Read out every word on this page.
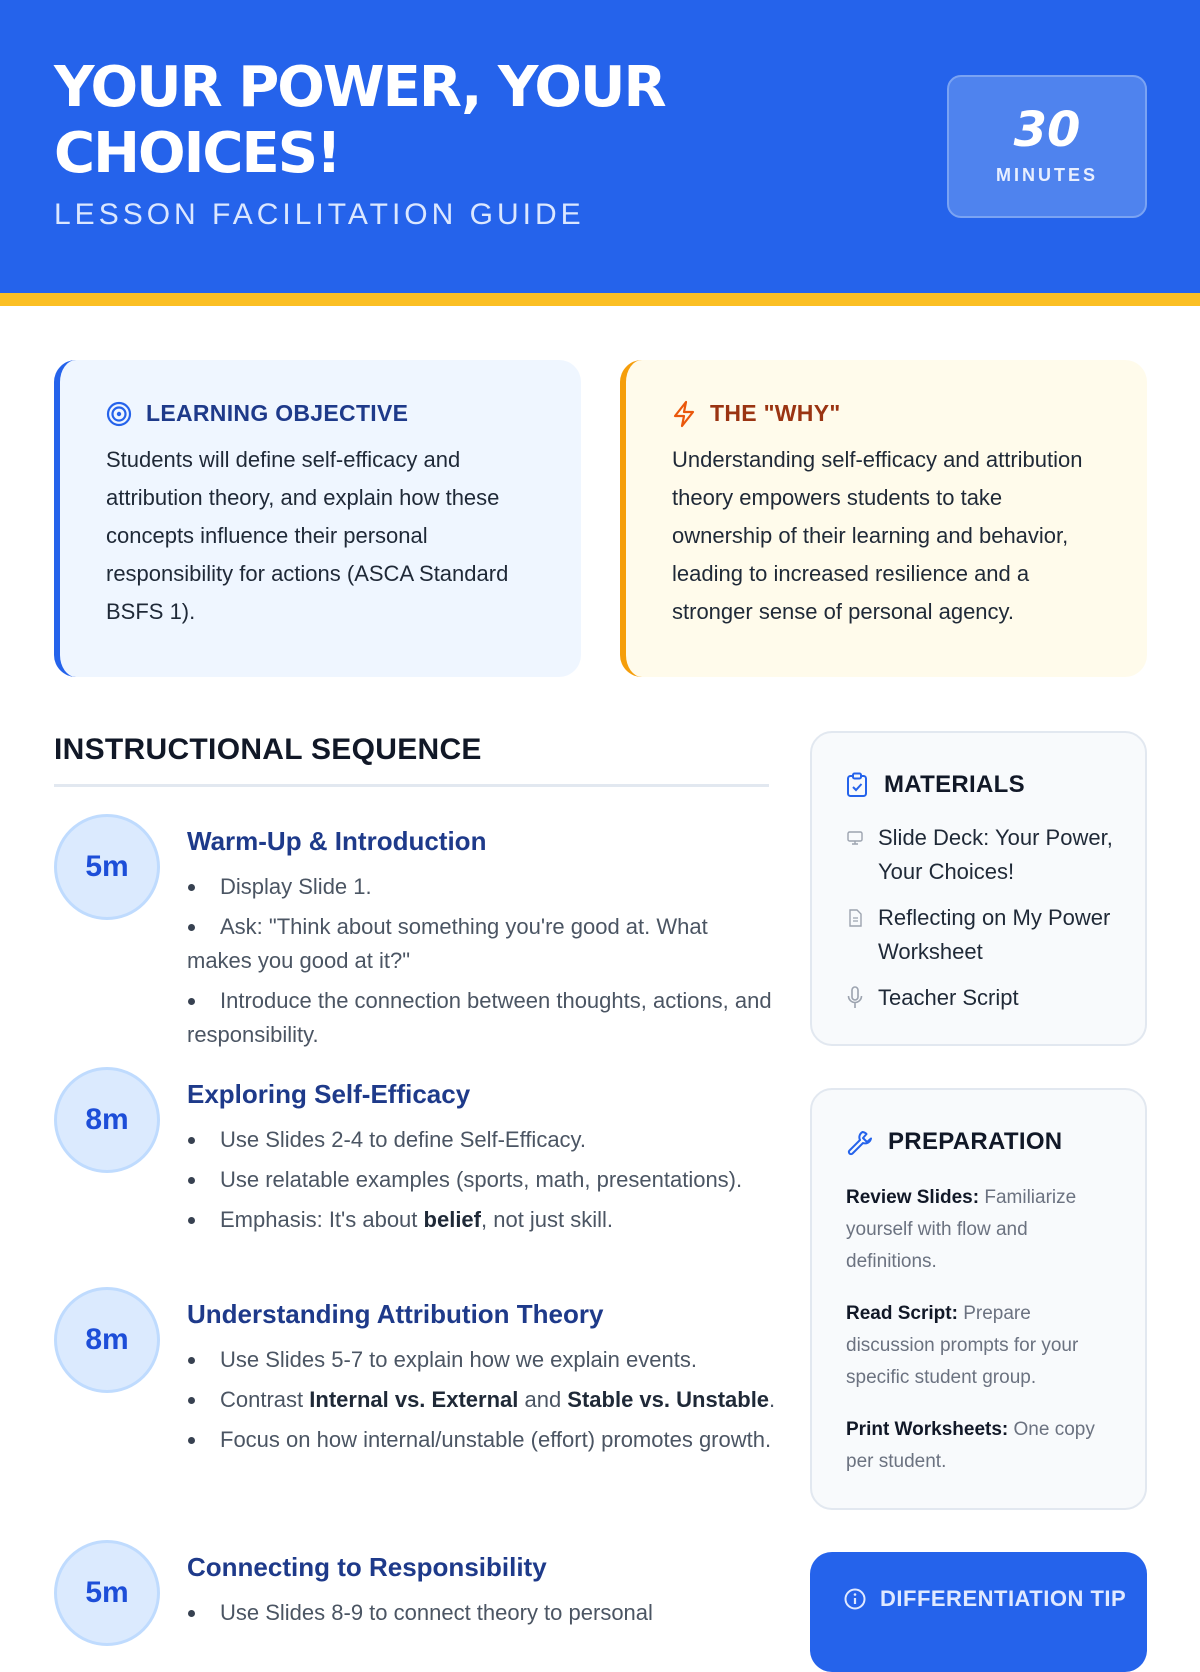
YOUR POWER, YOUR CHOICES!
LESSON FACILITATION GUIDE
30
MINUTES
LEARNING OBJECTIVE

Students will define self-efficacy and attribution theory, and explain how these concepts influence their personal responsibility for actions (ASCA Standard BSFS 1).

THE "WHY"

Understanding self-efficacy and attribution theory empowers students to take ownership of their learning and behavior, leading to increased resilience and a stronger sense of personal agency.

INSTRUCTIONAL SEQUENCE
5m
Warm-Up & Introduction
Display Slide 1.
Ask: "Think about something you're good at. What makes you good at it?"
Introduce the connection between thoughts, actions, and responsibility.
8m
Exploring Self-Efficacy
Use Slides 2-4 to define Self-Efficacy.
Use relatable examples (sports, math, presentations).
Emphasis: It's about belief, not just skill.
8m
Understanding Attribution Theory
Use Slides 5-7 to explain how we explain events.
Contrast Internal vs. External and Stable vs. Unstable.
Focus on how internal/unstable (effort) promotes growth.
5m
Connecting to Responsibility
Use Slides 8-9 to connect theory to personal
MATERIALS
Slide Deck: Your Power, Your Choices!
Reflecting on My Power Worksheet
Teacher Script
PREPARATION

Review Slides: Familiarize yourself with flow and definitions.

Read Script: Prepare discussion prompts for your specific student group.

Print Worksheets: One copy per student.

DIFFERENTIATION TIP
